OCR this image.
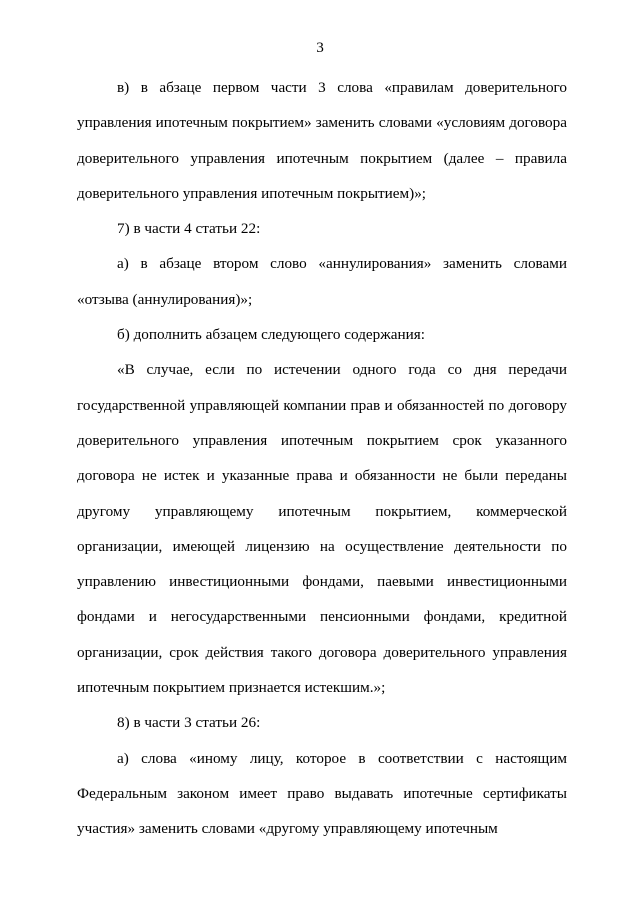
3

в) в абзаце первом части 3 слова «правилам доверительного управления ипотечным покрытием» заменить словами «условиям договора доверительного управления ипотечным покрытием (далее – правила доверительного управления ипотечным покрытием)»;

7) в части 4 статьи 22:

а) в абзаце втором слово «аннулирования» заменить словами «отзыва (аннулирования)»;

б) дополнить абзацем следующего содержания:

«В случае, если по истечении одного года со дня передачи государственной управляющей компании прав и обязанностей по договору доверительного управления ипотечным покрытием срок указанного договора не истек и указанные права и обязанности не были переданы другому управляющему ипотечным покрытием, коммерческой организации, имеющей лицензию на осуществление деятельности по управлению инвестиционными фондами, паевыми инвестиционными фондами и негосударственными пенсионными фондами, кредитной организации, срок действия такого договора доверительного управления ипотечным покрытием признается истекшим.»;

8) в части 3 статьи 26:

а) слова «иному лицу, которое в соответствии с настоящим Федеральным законом имеет право выдавать ипотечные сертификаты участия» заменить словами «другому управляющему ипотечным
